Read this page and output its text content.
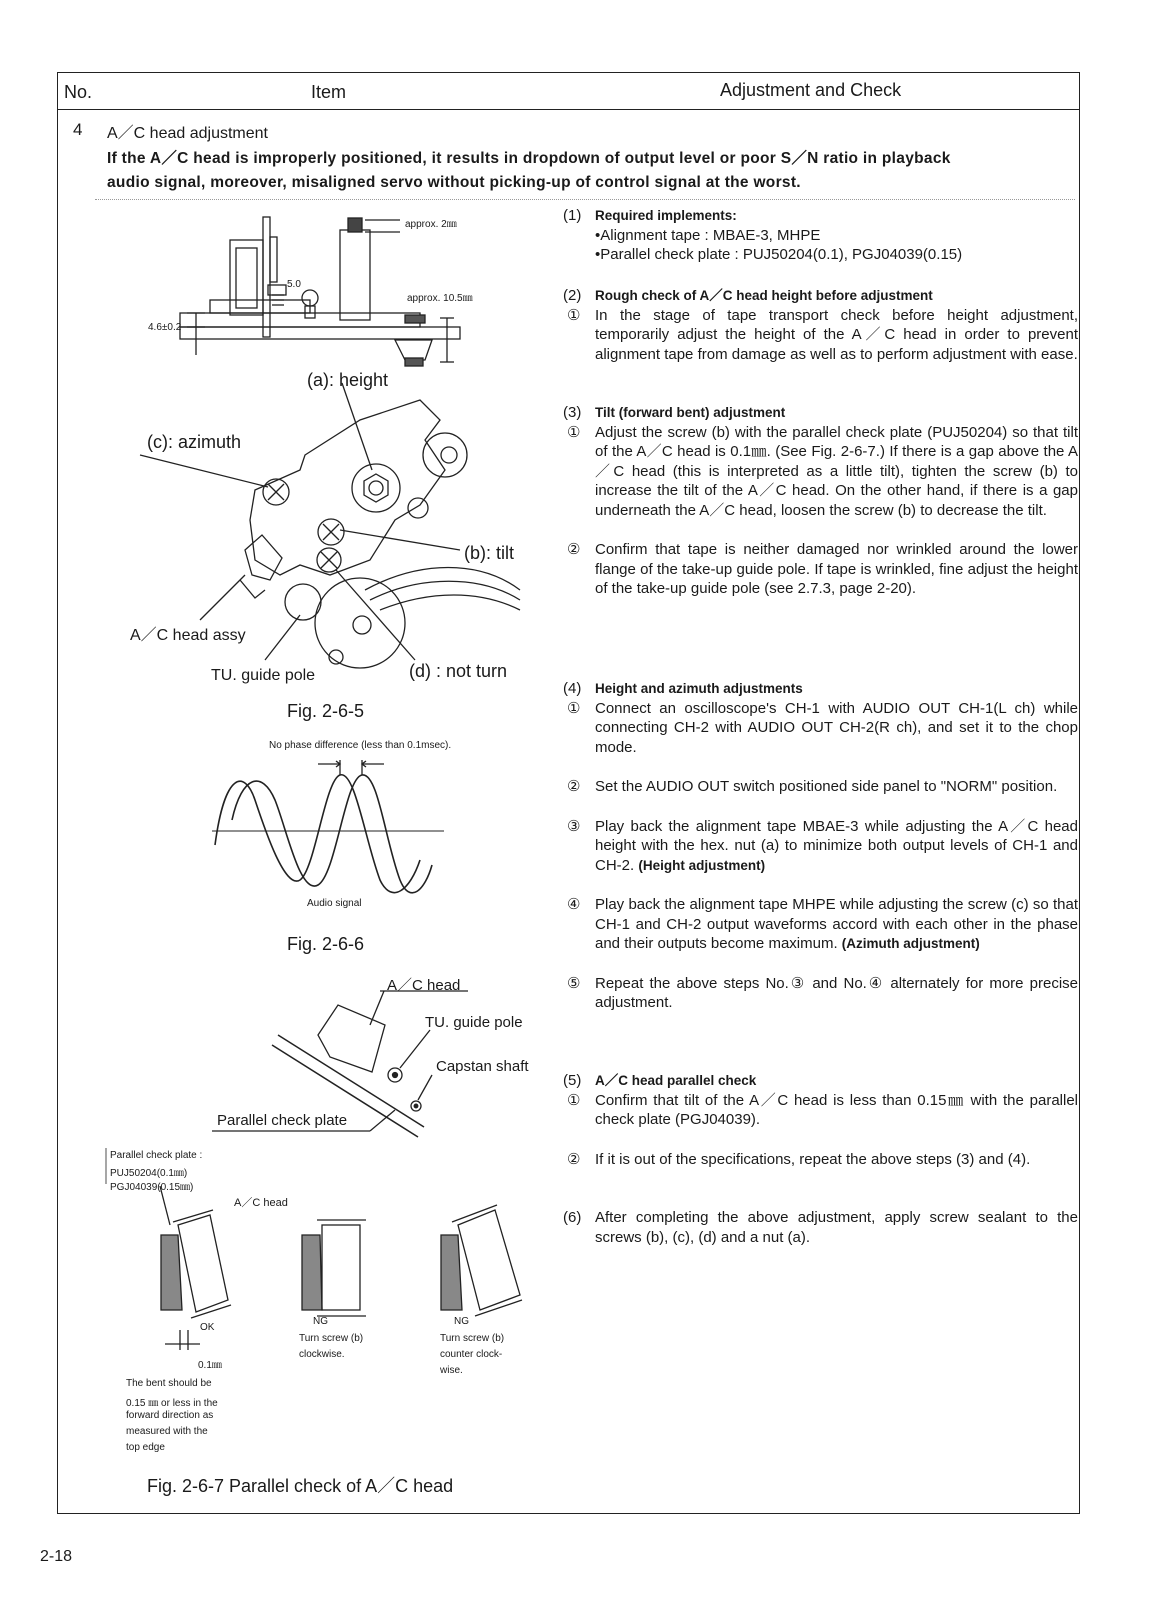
No.	Item	Adjustment and Check
4 A／C head adjustment
If the A／C head is improperly positioned, it results in dropdown of output level or poor S／N ratio in playback
audio signal, moreover, misaligned servo without picking-up of control signal at the worst.
approx. 2㎜
approx. 10.5㎜
4.6±0.2
5.0
(a): height
(c): azimuth
(b): tilt
A／C head assy
TU. guide pole	(d) : not turn
Fig. 2-6-5
No phase difference (less than 0.1msec).
Audio signal
Fig. 2-6-6
A／C head
TU. guide pole
Capstan shaft
Parallel check plate
Parallel check plate :
PUJ50204(0.1㎜)
PGJ04039(0.15㎜)
A／C head
OK
0.1㎜
NG
Turn screw (b)
clockwise.
NG
Turn screw (b)
counter clock-
wise.
The bent should be
0.15 ㎜ or less in the
forward direction as
measured with the
top edge
Fig. 2-6-7 Parallel check of A／C head
(1) Required implements:
•Alignment tape : MBAE-3, MHPE
•Parallel check plate : PUJ50204(0.1), PGJ04039(0.15)
(2) Rough check of A／C head height before adjustment
① In the stage of tape transport check before height adjustment, temporarily adjust the height of the A／C head in order to prevent alignment tape from damage as well as to perform adjustment with ease.
(3) Tilt (forward bent) adjustment
① Adjust the screw (b) with the parallel check plate (PUJ50204) so that tilt of the A／C head is 0.1㎜. (See Fig. 2-6-7.) If there is a gap above the A／C head (this is interpreted as a little tilt), tighten the screw (b) to increase the tilt of the A／C head. On the other hand, if there is a gap underneath the A／C head, loosen the screw (b) to decrease the tilt.
② Confirm that tape is neither damaged nor wrinkled around the lower flange of the take-up guide pole. If tape is wrinkled, fine adjust the height of the take-up guide pole (see 2.7.3, page 2-20).
(4) Height and azimuth adjustments
① Connect an oscilloscope's CH-1 with AUDIO OUT CH-1(L ch) while connecting CH-2 with AUDIO OUT CH-2(R ch), and set it to the chop mode.
② Set the AUDIO OUT switch positioned side panel to "NORM" position.
③ Play back the alignment tape MBAE-3 while adjusting the A／C head height with the hex. nut (a) to minimize both output levels of CH-1 and CH-2. (Height adjustment)
④ Play back the alignment tape MHPE while adjusting the screw (c) so that CH-1 and CH-2 output waveforms accord with each other in the phase and their outputs become maximum. (Azimuth adjustment)
⑤ Repeat the above steps No.③ and No.④ alternately for more precise adjustment.
(5) A／C head parallel check
① Confirm that tilt of the A／C head is less than 0.15㎜ with the parallel check plate (PGJ04039).
② If it is out of the specifications, repeat the above steps (3) and (4).
(6) After completing the above adjustment, apply screw sealant to the screws (b), (c), (d) and a nut (a).
2-18
